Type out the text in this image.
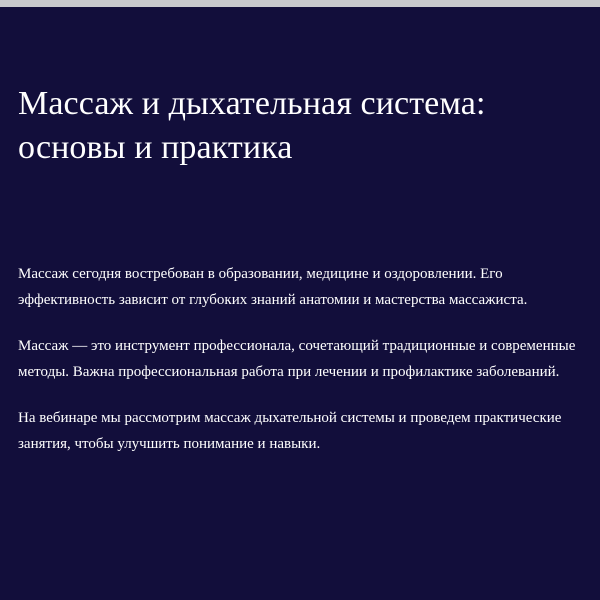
Массаж и дыхательная система: основы и практика

Массаж сегодня востребован в образовании, медицине и оздоровлении. Его эффективность зависит от глубоких знаний анатомии и мастерства массажиста.

Массаж — это инструмент профессионала, сочетающий традиционные и современные методы. Важна профессиональная работа при лечении и профилактике заболеваний.

На вебинаре мы рассмотрим массаж дыхательной системы и проведем практические занятия, чтобы улучшить понимание и навыки.
